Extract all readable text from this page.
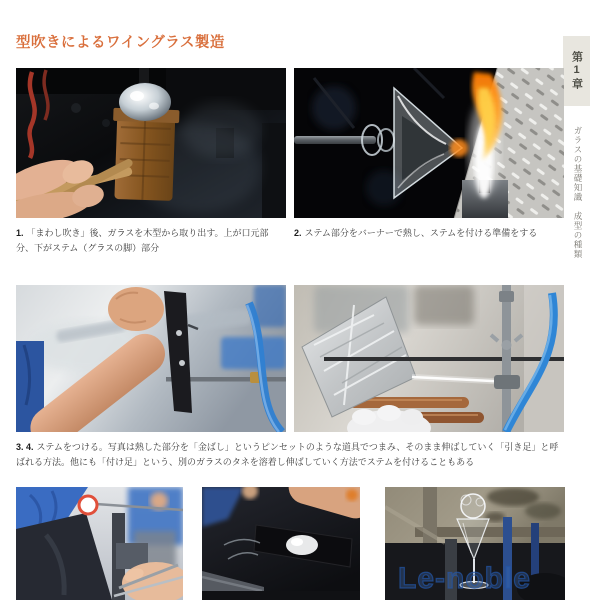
型吹きによるワイングラス製造
第1章
ガラスの基礎知識　成型の種類
1. 「まわし吹き」後、ガラスを木型から取り出す。上が口元部分、下がステム（グラスの脚）部分
2. ステム部分をバーナーで熱し、ステムを付ける準備をする
3. 4. ステムをつける。写真は熱した部分を「金ばし」というピンセットのような道具でつまみ、そのまま伸ばしていく「引き足」と呼ばれる方法。他にも「付け足」という、別のガラスのタネを溶着し伸ばしていく方法でステムを付けることもある
Le-noble
